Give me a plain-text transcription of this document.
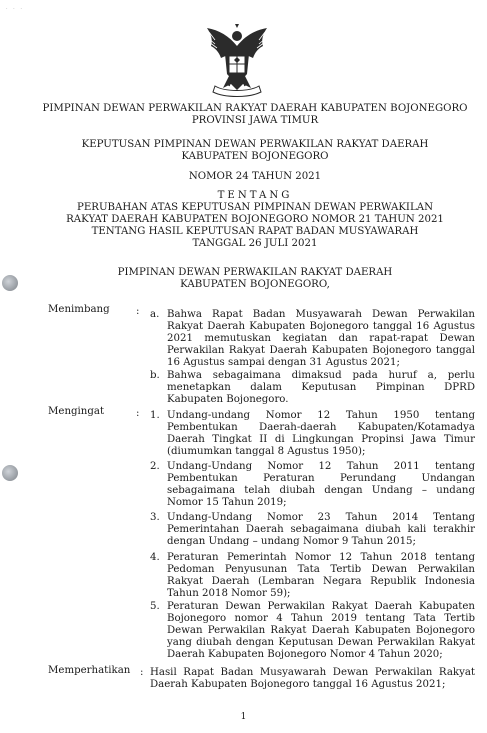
· · ·
PIMPINAN DEWAN PERWAKILAN RAKYAT DAERAH KABUPATEN BOJONEGORO
PROVINSI JAWA TIMUR
KEPUTUSAN PIMPINAN DEWAN PERWAKILAN RAKYAT DAERAH
KABUPATEN BOJONEGORO
NOMOR 24 TAHUN 2021
TENTANG
PERUBAHAN ATAS KEPUTUSAN PIMPINAN DEWAN PERWAKILAN
RAKYAT DAERAH KABUPATEN BOJONEGORO NOMOR 21 TAHUN 2021
TENTANG HASIL KEPUTUSAN RAPAT BADAN MUSYAWARAH
TANGGAL 26 JULI 2021
PIMPINAN DEWAN PERWAKILAN RAKYAT DAERAH
KABUPATEN BOJONEGORO,
Menimbang	: a. Bahwa Rapat Badan Musyawarah Dewan Perwakilan
Rakyat Daerah Kabupaten Bojonegoro tanggal 16 Agustus
2021 memutuskan kegiatan dan rapat-rapat Dewan
Perwakilan Rakyat Daerah Kabupaten Bojonegoro tanggal
16 Agustus sampai dengan 31 Agustus 2021;
b. Bahwa sebagaimana dimaksud pada huruf a, perlu
menetapkan dalam Keputusan Pimpinan DPRD
Kabupaten Bojonegoro.
Mengingat	: 1. Undang-undang Nomor 12 Tahun 1950 tentang
Pembentukan Daerah-daerah Kabupaten/Kotamadya
Daerah Tingkat II di Lingkungan Propinsi Jawa Timur
(diumumkan tanggal 8 Agustus 1950);
2. Undang-Undang Nomor 12 Tahun 2011 tentang
Pembentukan Peraturan Perundang Undangan
sebagaimana telah diubah dengan Undang – undang
Nomor 15 Tahun 2019;
3. Undang-Undang Nomor 23 Tahun 2014 Tentang
Pemerintahan Daerah sebagaimana diubah kali terakhir
dengan Undang – undang Nomor 9 Tahun 2015;
4. Peraturan Pemerintah Nomor 12 Tahun 2018 tentang
Pedoman Penyusunan Tata Tertib Dewan Perwakilan
Rakyat Daerah (Lembaran Negara Republik Indonesia
Tahun 2018 Nomor 59);
5. Peraturan Dewan Perwakilan Rakyat Daerah Kabupaten
Bojonegoro nomor 4 Tahun 2019 tentang Tata Tertib
Dewan Perwakilan Rakyat Daerah Kabupaten Bojonegoro
yang diubah dengan Keputusan Dewan Perwakilan Rakyat
Daerah Kabupaten Bojonegoro Nomor 4 Tahun 2020;
Memperhatikan : Hasil Rapat Badan Musyawarah Dewan Perwakilan Rakyat
Daerah Kabupaten Bojonegoro tanggal 16 Agustus 2021;
1
